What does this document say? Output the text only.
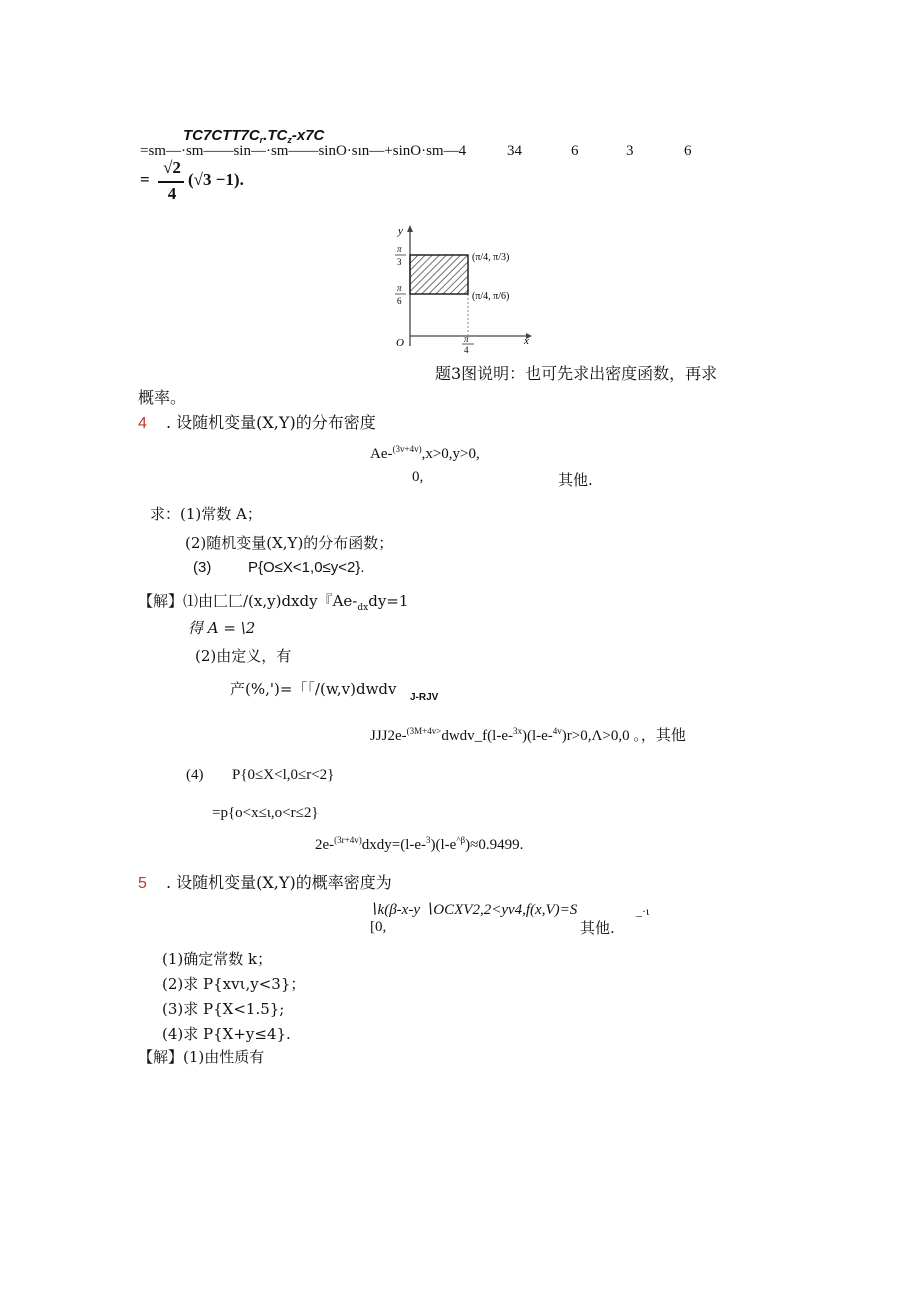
$TC7CTT7C_r.TC_z-x7C$
=sm—·sm——sin—·sm——sinO·sın—+sinO·sm—4	34	6	3	6
=
√2
4
(√3 −1).
y
x
O
π
3
π
6
π
4
(π/4, π/3)
(π/4, π/6)
题3图说明：也可先求出密度函数，再求
概率。
4 . 设随机变量(X,Y)的分布密度
Ae-$^{(3v+4v)}$,x>0,y>0,
0,	其他.
求：(1)常数 A；
(2)随机变量(X,Y)的分布函数；
(3) P{O≤X<1,0≤y<2}.
【解】⑴由匚匚/(x,y)dxdy『$Ae-_{dx}dy=1$
得 A = \2
(2)由定义，有
产(%,')=「「/(w,v)dwdv J-RJV
JJJ2e-$^{(3M+4v>}$dwdv_f(l-e-$^{3x}$)(l-e-$^{4v}$)r>0,Λ>0,0 。，其他
(4) P{0≤X<l,0≤r<2}
=p{o<x≤ι,o<r≤2}
$2e-^{(3r+4v)}dxdy=(l-e-^3)(l-e^{\^{}\beta})\approx 0.9499$.
5 . 设随机变量(X,Y)的概率密度为
∖k(β-x-y ∖OCXV2,2<yv4,f(x,V)=S	_·ι
[0,	其他.
(1)确定常数 k；
(2)求 P{xvι,y<3}；
(3)求 P{X<1.5};
(4)求 P{X+y≤4}.
【解】(1)由性质有
